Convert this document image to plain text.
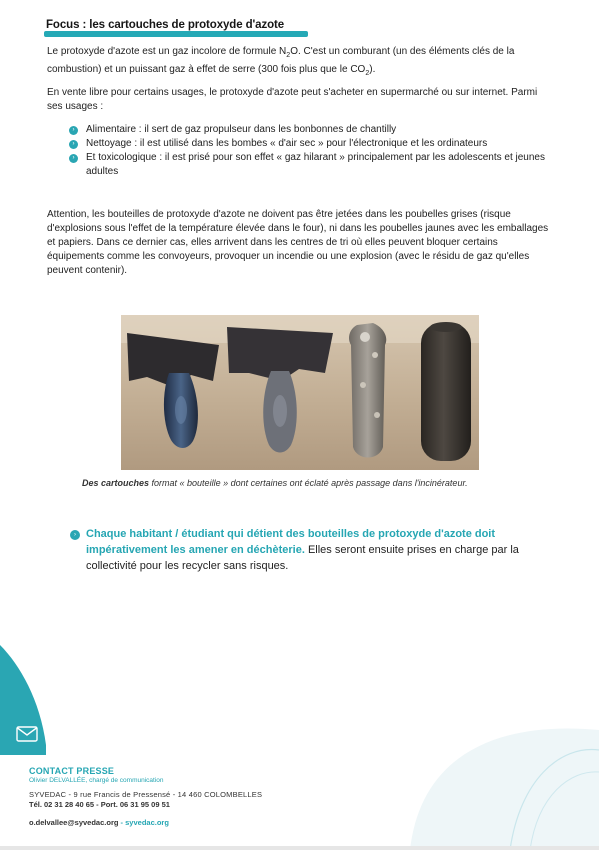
Focus : les cartouches de protoxyde d'azote
Le protoxyde d'azote est un gaz incolore de formule $N_2O$. C'est un comburant (un des éléments clés de la combustion) et un puissant gaz à effet de serre (300 fois plus que le $CO_2$).
En vente libre pour certains usages, le protoxyde d'azote peut s'acheter en supermarché ou sur internet. Parmi ses usages :
›	Alimentaire : il sert de gaz propulseur dans les bonbonnes de chantilly
›	Nettoyage : il est utilisé dans les bombes « d'air sec » pour l'électronique et les ordinateurs
›	Et toxicologique : il est prisé pour son effet « gaz hilarant » principalement par les adolescents et jeunes adultes
Attention, les bouteilles de protoxyde d'azote ne doivent pas être jetées dans les poubelles grises (risque d'explosions sous l'effet de la température élevée dans le four), ni dans les poubelles jaunes avec les emballages et papiers. Dans ce dernier cas, elles arrivent dans les centres de tri où elles peuvent bloquer certains équipements comme les convoyeurs, provoquer un incendie ou une explosion (avec le résidu de gaz qu'elles peuvent contenir).
Des cartouches format « bouteille » dont certaines ont éclaté après passage dans l'incinérateur.
› Chaque habitant / étudiant qui détient des bouteilles de protoxyde d'azote doit impérativement les amener en déchèterie. Elles seront ensuite prises en charge par la collectivité pour les recycler sans risques.
CONTACT PRESSE
Olivier DELVALLÉE, chargé de communication
SYVEDAC - 9 rue Francis de Pressensé - 14 460 COLOMBELLES
Tél. 02 31 28 40 65 - Port. 06 31 95 09 51
o.delvallee@syvedac.org - syvedac.org
